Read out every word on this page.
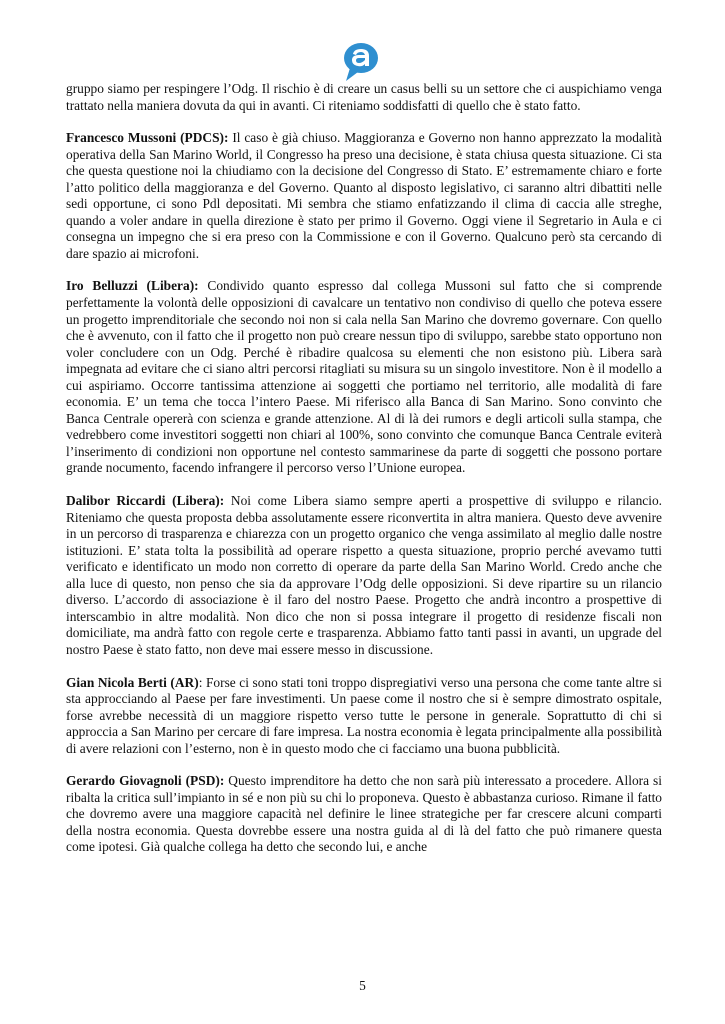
gruppo siamo per respingere l’Odg. Il rischio è di creare un casus belli su un settore che ci auspichiamo venga trattato nella maniera dovuta da qui in avanti. Ci riteniamo soddisfatti di quello che è stato fatto.

Francesco Mussoni (PDCS): Il caso è già chiuso. Maggioranza e Governo non hanno apprezzato la modalità operativa della San Marino World, il Congresso ha preso una decisione, è stata chiusa questa situazione. Ci sta che questa questione noi la chiudiamo con la decisione del Congresso di Stato. E’ estremamente chiaro e forte l’atto politico della maggioranza e del Governo. Quanto al disposto legislativo, ci saranno altri dibattiti nelle sedi opportune, ci sono Pdl depositati. Mi sembra che stiamo enfatizzando il clima di caccia alle streghe, quando a voler andare in quella direzione è stato per primo il Governo. Oggi viene il Segretario in Aula e ci consegna un impegno che si era preso con la Commissione e con il Governo. Qualcuno però sta cercando di dare spazio ai microfoni.

Iro Belluzzi (Libera): Condivido quanto espresso dal collega Mussoni sul fatto che si comprende perfettamente la volontà delle opposizioni di cavalcare un tentativo non condiviso di quello che poteva essere un progetto imprenditoriale che secondo noi non si cala nella San Marino che dovremo governare. Con quello che è avvenuto, con il fatto che il progetto non può creare nessun tipo di sviluppo, sarebbe stato opportuno non voler concludere con un Odg. Perché è ribadire qualcosa su elementi che non esistono più. Libera sarà impegnata ad evitare che ci siano altri percorsi ritagliati su misura su un singolo investitore. Non è il modello a cui aspiriamo. Occorre tantissima attenzione ai soggetti che portiamo nel territorio, alle modalità di fare economia. E’ un tema che tocca l’intero Paese. Mi riferisco alla Banca di San Marino. Sono convinto che Banca Centrale opererà con scienza e grande attenzione. Al di là dei rumors e degli articoli sulla stampa, che vedrebbero come investitori soggetti non chiari al 100%, sono convinto che comunque Banca Centrale eviterà l’inserimento di condizioni non opportune nel contesto sammarinese da parte di soggetti che possono portare grande nocumento, facendo infrangere il percorso verso l’Unione europea.

Dalibor Riccardi (Libera): Noi come Libera siamo sempre aperti a prospettive di sviluppo e rilancio. Riteniamo che questa proposta debba assolutamente essere riconvertita in altra maniera. Questo deve avvenire in un percorso di trasparenza e chiarezza con un progetto organico che venga assimilato al meglio dalle nostre istituzioni. E’ stata tolta la possibilità ad operare rispetto a questa situazione, proprio perché avevamo tutti verificato e identificato un modo non corretto di operare da parte della San Marino World. Credo anche che alla luce di questo, non penso che sia da approvare l’Odg delle opposizioni. Si deve ripartire su un rilancio diverso. L’accordo di associazione è il faro del nostro Paese. Progetto che andrà incontro a prospettive di interscambio in altre modalità. Non dico che non si possa integrare il progetto di residenze fiscali non domiciliate, ma andrà fatto con regole certe e trasparenza. Abbiamo fatto tanti passi in avanti, un upgrade del nostro Paese è stato fatto, non deve mai essere messo in discussione.

Gian Nicola Berti (AR): Forse ci sono stati toni troppo dispregiativi verso una persona che come tante altre si sta approcciando al Paese per fare investimenti. Un paese come il nostro che si è sempre dimostrato ospitale, forse avrebbe necessità di un maggiore rispetto verso tutte le persone in generale. Soprattutto di chi si approccia a San Marino per cercare di fare impresa. La nostra economia è legata principalmente alla possibilità di avere relazioni con l’esterno, non è in questo modo che ci facciamo una buona pubblicità.

Gerardo Giovagnoli (PSD): Questo imprenditore ha detto che non sarà più interessato a procedere. Allora si ribalta la critica sull’impianto in sé e non più su chi lo proponeva. Questo è abbastanza curioso. Rimane il fatto che dovremo avere una maggiore capacità nel definire le linee strategiche per far crescere alcuni comparti della nostra economia. Questa dovrebbe essere una nostra guida al di là del fatto che può rimanere questa come ipotesi. Già qualche collega ha detto che secondo lui, e anche

5
